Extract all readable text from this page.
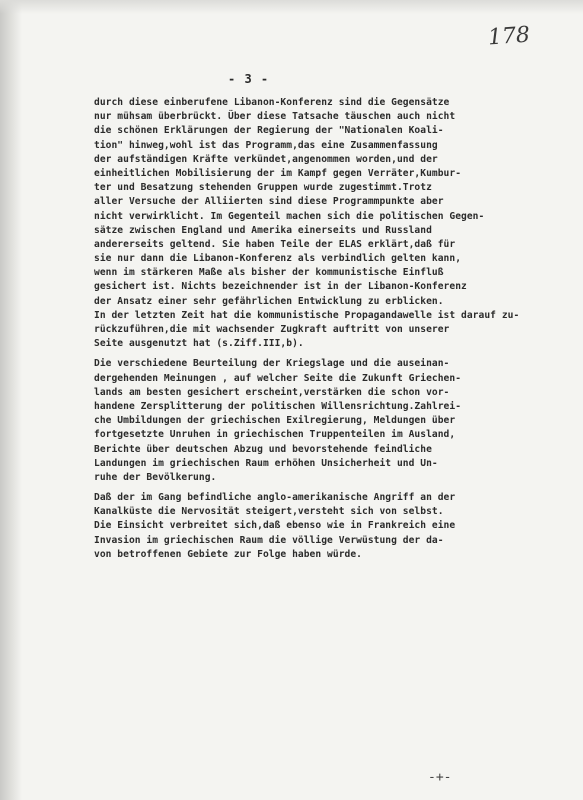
178
- 3 -
durch diese einberufene Libanon-Konferenz sind die Gegensätze
nur mühsam überbrückt. Über diese Tatsache täuschen auch nicht
die schönen Erklärungen der Regierung der "Nationalen Koali-
tion" hinweg,wohl ist das Programm,das eine Zusammenfassung
der aufständigen Kräfte verkündet,angenommen worden,und der
einheitlichen Mobilisierung der im Kampf gegen Verräter,Kumbur-
ter und Besatzung stehenden Gruppen wurde zugestimmt.Trotz
aller Versuche der Alliierten sind diese Programmpunkte aber
nicht verwirklicht. Im Gegenteil machen sich die politischen Gegen-
sätze zwischen England und Amerika einerseits und Russland
andererseits geltend. Sie haben Teile der ELAS erklärt,daß für
sie nur dann die Libanon-Konferenz als verbindlich gelten kann,
wenn im stärkeren Maße als bisher der kommunistische Einfluß
gesichert ist. Nichts bezeichnender ist in der Libanon-Konferenz
der Ansatz einer sehr gefährlichen Entwicklung zu erblicken.
In der letzten Zeit hat die kommunistische Propagandawelle ist darauf zu-
rückzuführen,die mit wachsender Zugkraft auftritt von unserer
Seite ausgenutzt hat (s.Ziff.III,b).
Die verschiedene Beurteilung der Kriegslage und die auseinan-
dergehenden Meinungen , auf welcher Seite die Zukunft Griechen-
lands am besten gesichert erscheint,verstärken die schon vor-
handene Zersplitterung der politischen Willensrichtung.Zahlrei-
che Umbildungen der griechischen Exilregierung, Meldungen über
fortgesetzte Unruhen in griechischen Truppenteilen im Ausland,
Berichte über deutschen Abzug und bevorstehende feindliche
Landungen im griechischen Raum erhöhen Unsicherheit und Un-
ruhe der Bevölkerung.
Daß der im Gang befindliche anglo-amerikanische Angriff an der
Kanalküste die Nervosität steigert,versteht sich von selbst.
Die Einsicht verbreitet sich,daß ebenso wie in Frankreich eine
Invasion im griechischen Raum die völlige Verwüstung der da-
von betroffenen Gebiete zur Folge haben würde.
-+-
